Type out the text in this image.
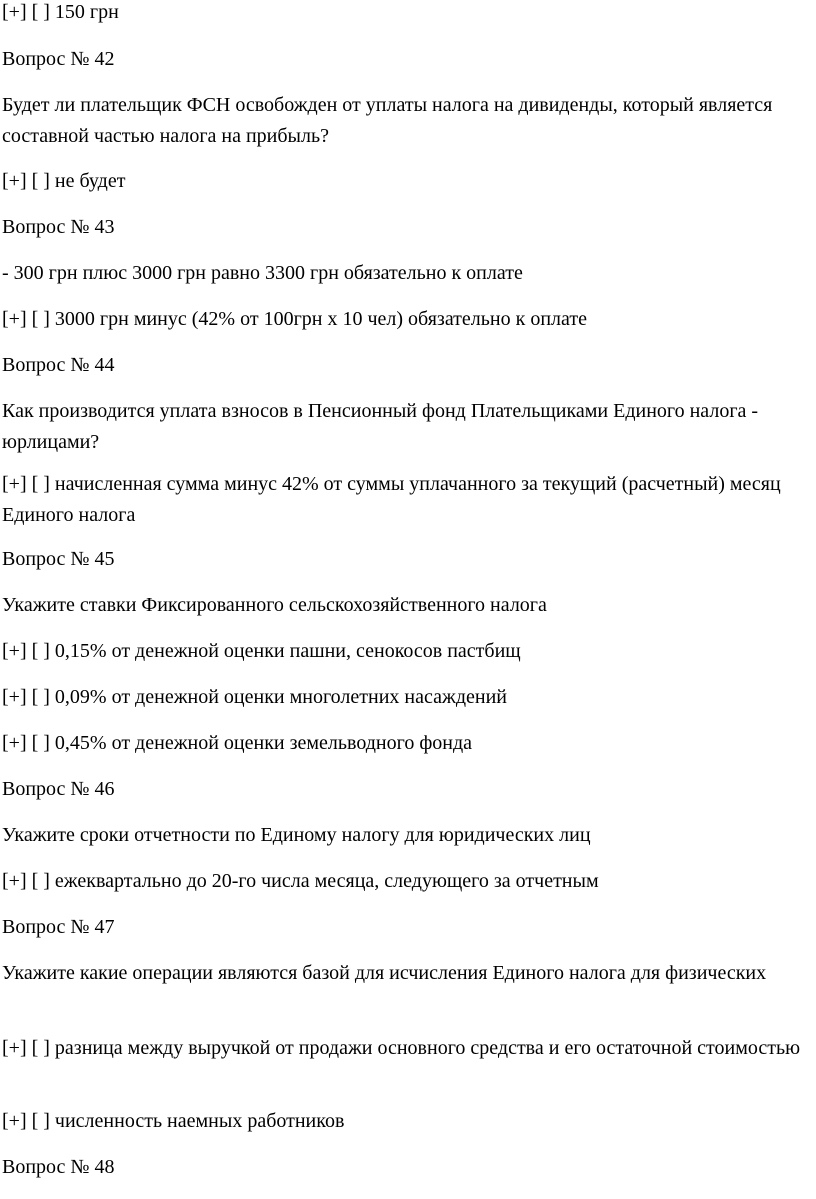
[+] [ ] 150 грн
Вопрос № 42
Будет ли плательщик ФСН освобожден от уплаты налога на дивиденды, который является составной частью налога на прибыль?
[+] [ ] не будет
Вопрос № 43
- 300 грн плюс 3000 грн равно 3300 грн обязательно к оплате
[+] [ ] 3000 грн минус (42% от 100грн х 10 чел) обязательно к оплате
Вопрос № 44
Как производится уплата взносов в Пенсионный фонд Плательщиками Единого налога - юрлицами?
[+] [ ] начисленная сумма минус 42% от суммы уплачанного за текущий (расчетный) месяц Единого налога
Вопрос № 45
Укажите ставки Фиксированного сельскохозяйственного налога
[+] [ ] 0,15% от денежной оценки пашни, сенокосов пастбищ
[+] [ ] 0,09% от денежной оценки многолетних насаждений
[+] [ ] 0,45% от денежной оценки земельводного фонда
Вопрос № 46
Укажите сроки отчетности по Единому налогу для юридических лиц
[+] [ ] ежеквартально до 20-го числа месяца, следующего за отчетным
Вопрос № 47
Укажите какие операции являются базой для исчисления Единого налога для физических
[+] [ ] разница между выручкой от продажи основного средства и его остаточной стоимостью
[+] [ ] численность наемных работников
Вопрос № 48
